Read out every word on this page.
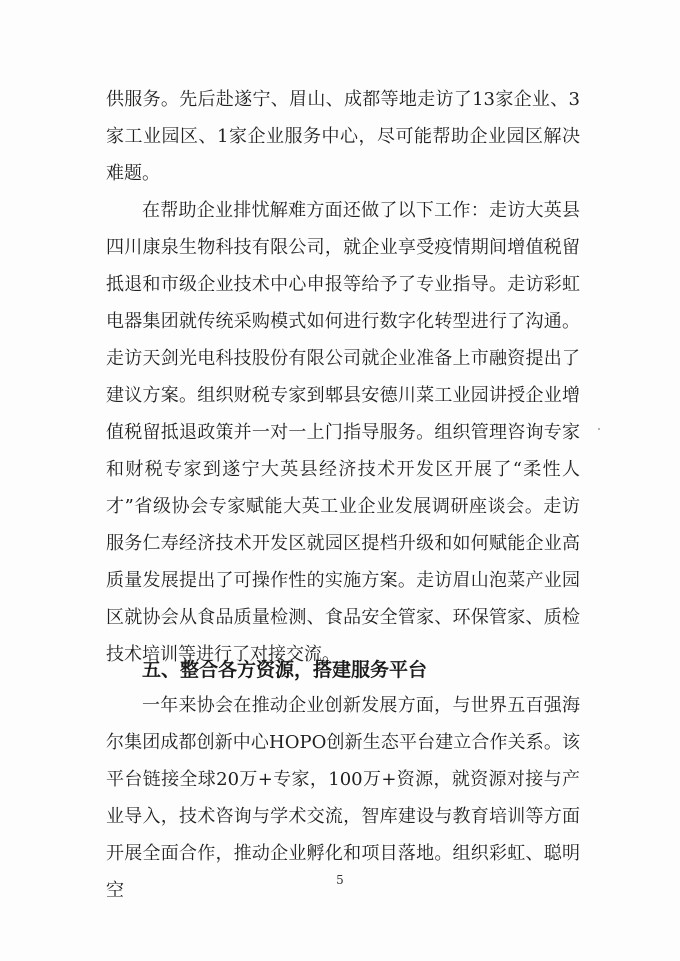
供服务。先后赴遂宁、眉山、成都等地走访了13家企业、3家工业园区、1家企业服务中心，尽可能帮助企业园区解决难题。

在帮助企业排忧解难方面还做了以下工作：走访大英县四川康泉生物科技有限公司，就企业享受疫情期间增值税留抵退和市级企业技术中心申报等给予了专业指导。走访彩虹电器集团就传统采购模式如何进行数字化转型进行了沟通。走访天剑光电科技股份有限公司就企业准备上市融资提出了建议方案。组织财税专家到郫县安德川菜工业园讲授企业增值税留抵退政策并一对一上门指导服务。组织管理咨询专家和财税专家到遂宁大英县经济技术开发区开展了“柔性人才”省级协会专家赋能大英工业企业发展调研座谈会。走访服务仁寿经济技术开发区就园区提档升级和如何赋能企业高质量发展提出了可操作性的实施方案。走访眉山泡菜产业园区就协会从食品质量检测、食品安全管家、环保管家、质检技术培训等进行了对接交流。

五、整合各方资源，搭建服务平台

一年来协会在推动企业创新发展方面，与世界五百强海尔集团成都创新中心HOPO创新生态平台建立合作关系。该平台链接全球20万+专家，100万+资源，就资源对接与产业导入，技术咨询与学术交流，智库建设与教育培训等方面开展全面合作，推动企业孵化和项目落地。组织彩虹、聪明空	5
